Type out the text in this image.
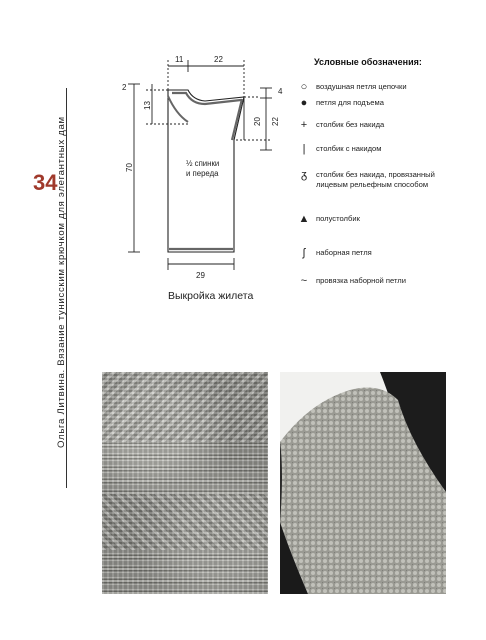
Ольга Литвина. Вязание тунисским крючком для элегантных дам
34
11	22
2
13
70
4
20 22
29
½ спинки
и переда
Выкройка жилета
Условные обозначения:
○	воздушная петля цепочки
●	петля для подъема
+	столбик без накида
|	столбик с накидом
ᵹ	столбик без накида, провязанный лицевым рельефным способом
▲ полустолбик
ʃ	наборная петля
~	провязка наборной петли
